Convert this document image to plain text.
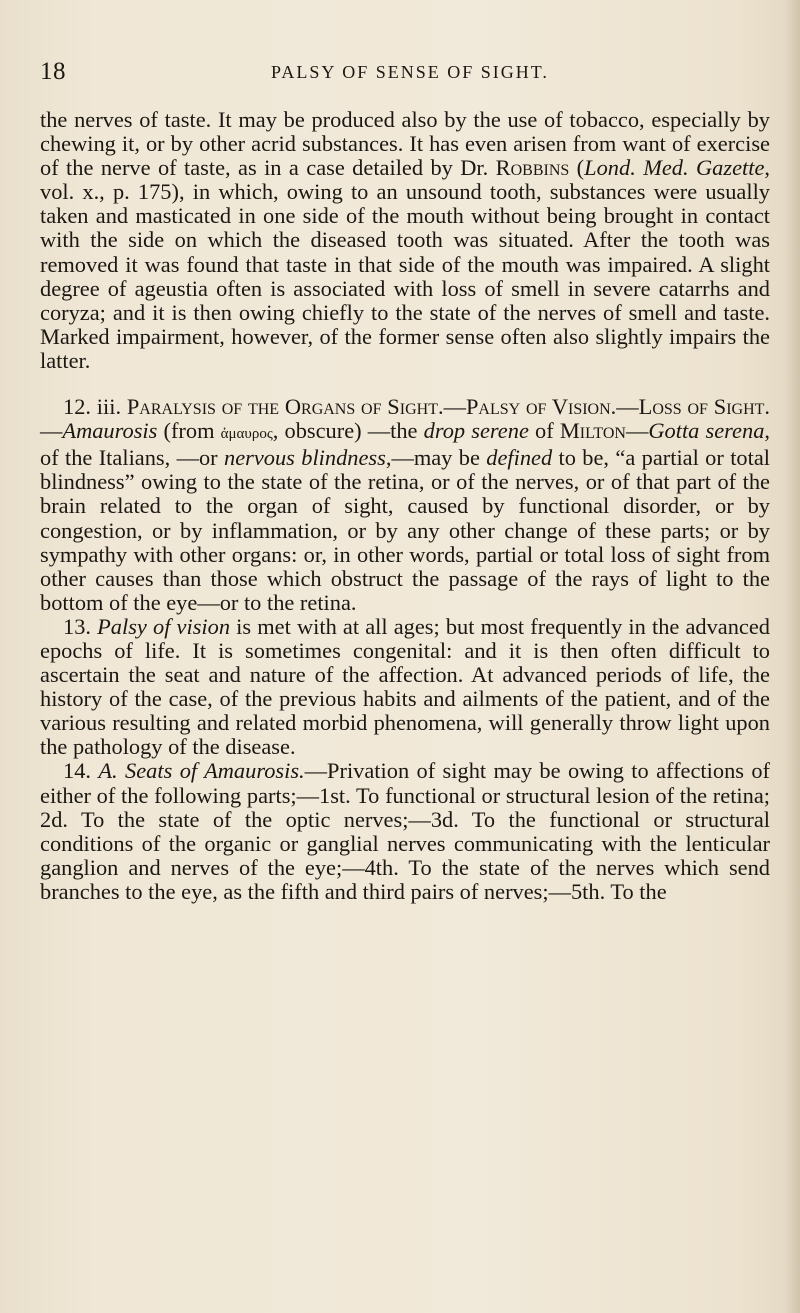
18	PALSY OF SENSE OF SIGHT.

the nerves of taste. It may be produced also by the use of tobacco, especially by chewing it, or by other acrid substances. It has even arisen from want of exercise of the nerve of taste, as in a case detailed by Dr. Robbins (Lond. Med. Gazette, vol. x., p. 175), in which, owing to an unsound tooth, substances were usually taken and masticated in one side of the mouth without being brought in contact with the side on which the diseased tooth was situated. After the tooth was removed it was found that taste in that side of the mouth was impaired. A slight degree of ageustia often is associated with loss of smell in severe catarrhs and coryza; and it is then owing chiefly to the state of the nerves of smell and taste. Marked impairment, however, of the former sense often also slightly impairs the latter.

12. iii. Paralysis of the Organs of Sight.—Palsy of Vision.—Loss of Sight.—Amaurosis (from ἀμαυρος, obscure) —the drop serene of Milton—Gotta serena, of the Italians, —or nervous blindness,—may be defined to be, “a partial or total blindness” owing to the state of the retina, or of the nerves, or of that part of the brain related to the organ of sight, caused by functional disorder, or by congestion, or by inflammation, or by any other change of these parts; or by sympathy with other organs: or, in other words, partial or total loss of sight from other causes than those which obstruct the passage of the rays of light to the bottom of the eye—or to the retina.

13. Palsy of vision is met with at all ages; but most frequently in the advanced epochs of life. It is sometimes congenital: and it is then often difficult to ascertain the seat and nature of the affection. At advanced periods of life, the history of the case, of the previous habits and ailments of the patient, and of the various resulting and related morbid phenomena, will generally throw light upon the pathology of the disease.

14. A. Seats of Amaurosis.—Privation of sight may be owing to affections of either of the following parts;—1st. To functional or structural lesion of the retina; 2d. To the state of the optic nerves;—3d. To the functional or structural conditions of the organic or ganglial nerves communicating with the lenticular ganglion and nerves of the eye;—4th. To the state of the nerves which send branches to the eye, as the fifth and third pairs of nerves;—5th. To the
